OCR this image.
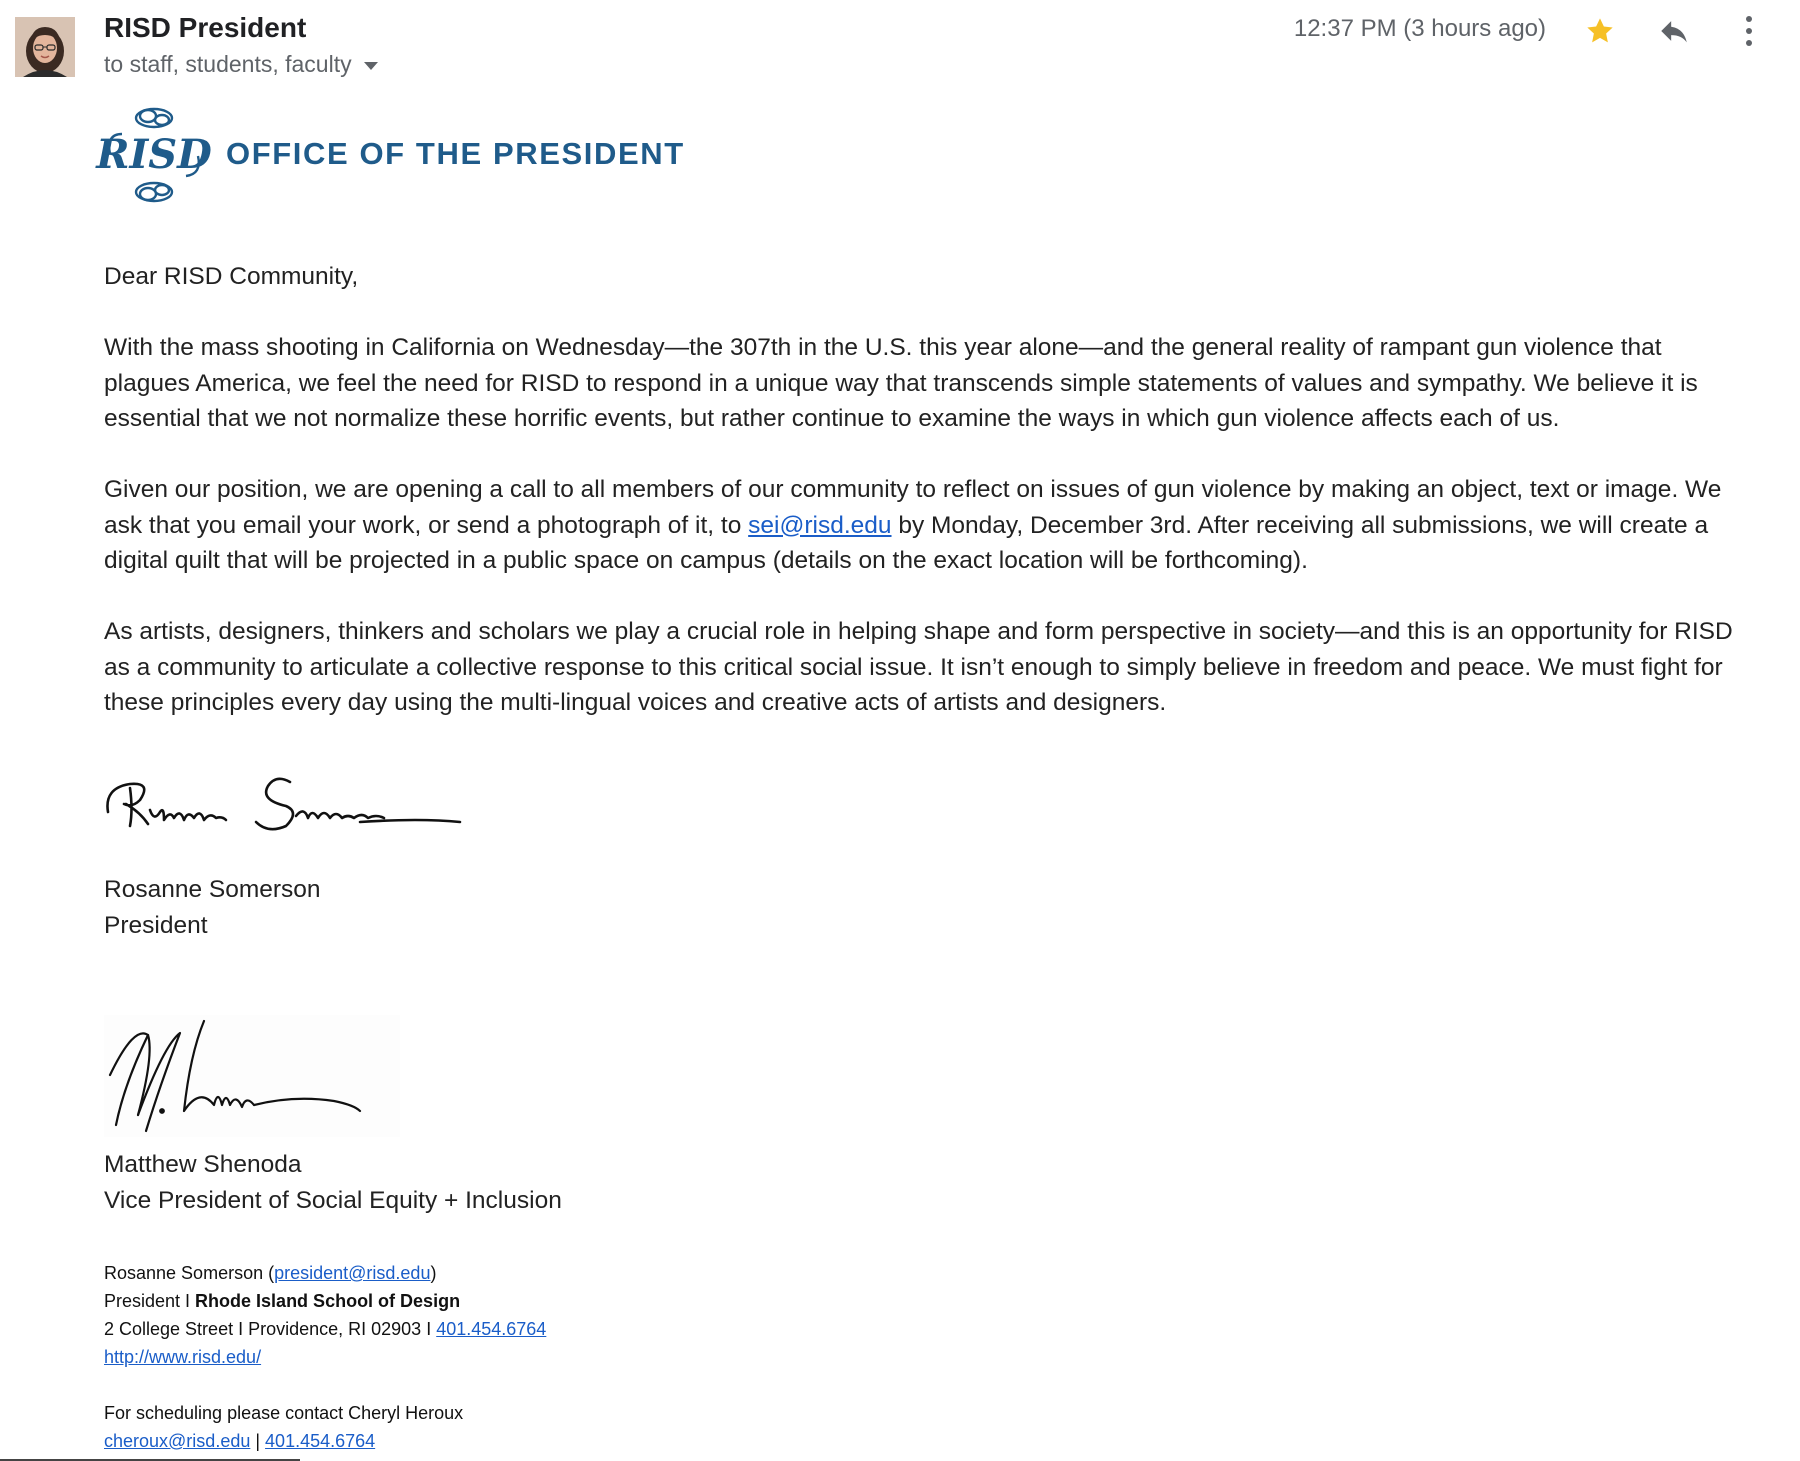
RISD President
to staff, students, faculty
12:37 PM (3 hours ago)
RISD OFFICE OF THE PRESIDENT

Dear RISD Community,

With the mass shooting in California on Wednesday—the 307th in the U.S. this year alone—and the general reality of rampant gun violence that plagues America, we feel the need for RISD to respond in a unique way that transcends simple statements of values and sympathy. We believe it is essential that we not normalize these horrific events, but rather continue to examine the ways in which gun violence affects each of us.

Given our position, we are opening a call to all members of our community to reflect on issues of gun violence by making an object, text or image. We ask that you email your work, or send a photograph of it, to sei@risd.edu by Monday, December 3rd. After receiving all submissions, we will create a digital quilt that will be projected in a public space on campus (details on the exact location will be forthcoming).

As artists, designers, thinkers and scholars we play a crucial role in helping shape and form perspective in society—and this is an opportunity for RISD as a community to articulate a collective response to this critical social issue. It isn’t enough to simply believe in freedom and peace. We must fight for these principles every day using the multi-lingual voices and creative acts of artists and designers.

Rosanne Somerson
President
Matthew Shenoda
Vice President of Social Equity + Inclusion
Rosanne Somerson (president@risd.edu)
President I Rhode Island School of Design
2 College Street I Providence, RI 02903 I 401.454.6764
http://www.risd.edu/
For scheduling please contact Cheryl Heroux
cheroux@risd.edu | 401.454.6764
